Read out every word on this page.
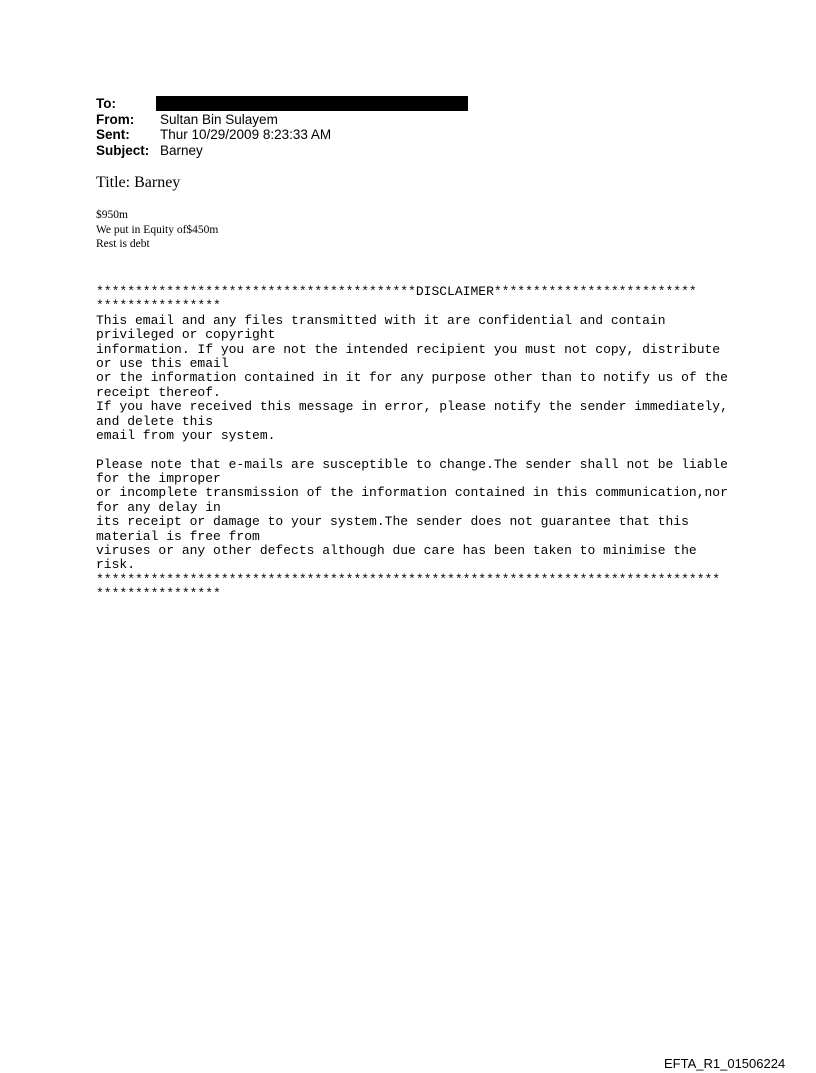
To:
From:	Sultan Bin Sulayem
Sent:	Thur 10/29/2009 8:23:33 AM
Subject: Barney
Title: Barney
$950m
We put in Equity of$450m
Rest is debt
*****************************************DISCLAIMER**************************
****************
This email and any files transmitted with it are confidential and contain
privileged or copyright
information. If you are not the intended recipient you must not copy, distribute
or use this email
or the information contained in it for any purpose other than to notify us of the
receipt thereof.
If you have received this message in error, please notify the sender immediately,
and delete this
email from your system.
Please note that e-mails are susceptible to change.The sender shall not be liable
for the improper
or incomplete transmission of the information contained in this communication,nor
for any delay in
its receipt or damage to your system.The sender does not guarantee that this
material is free from
viruses or any other defects although due care has been taken to minimise the
risk.
********************************************************************************
****************
EFTA_R1_01506224
